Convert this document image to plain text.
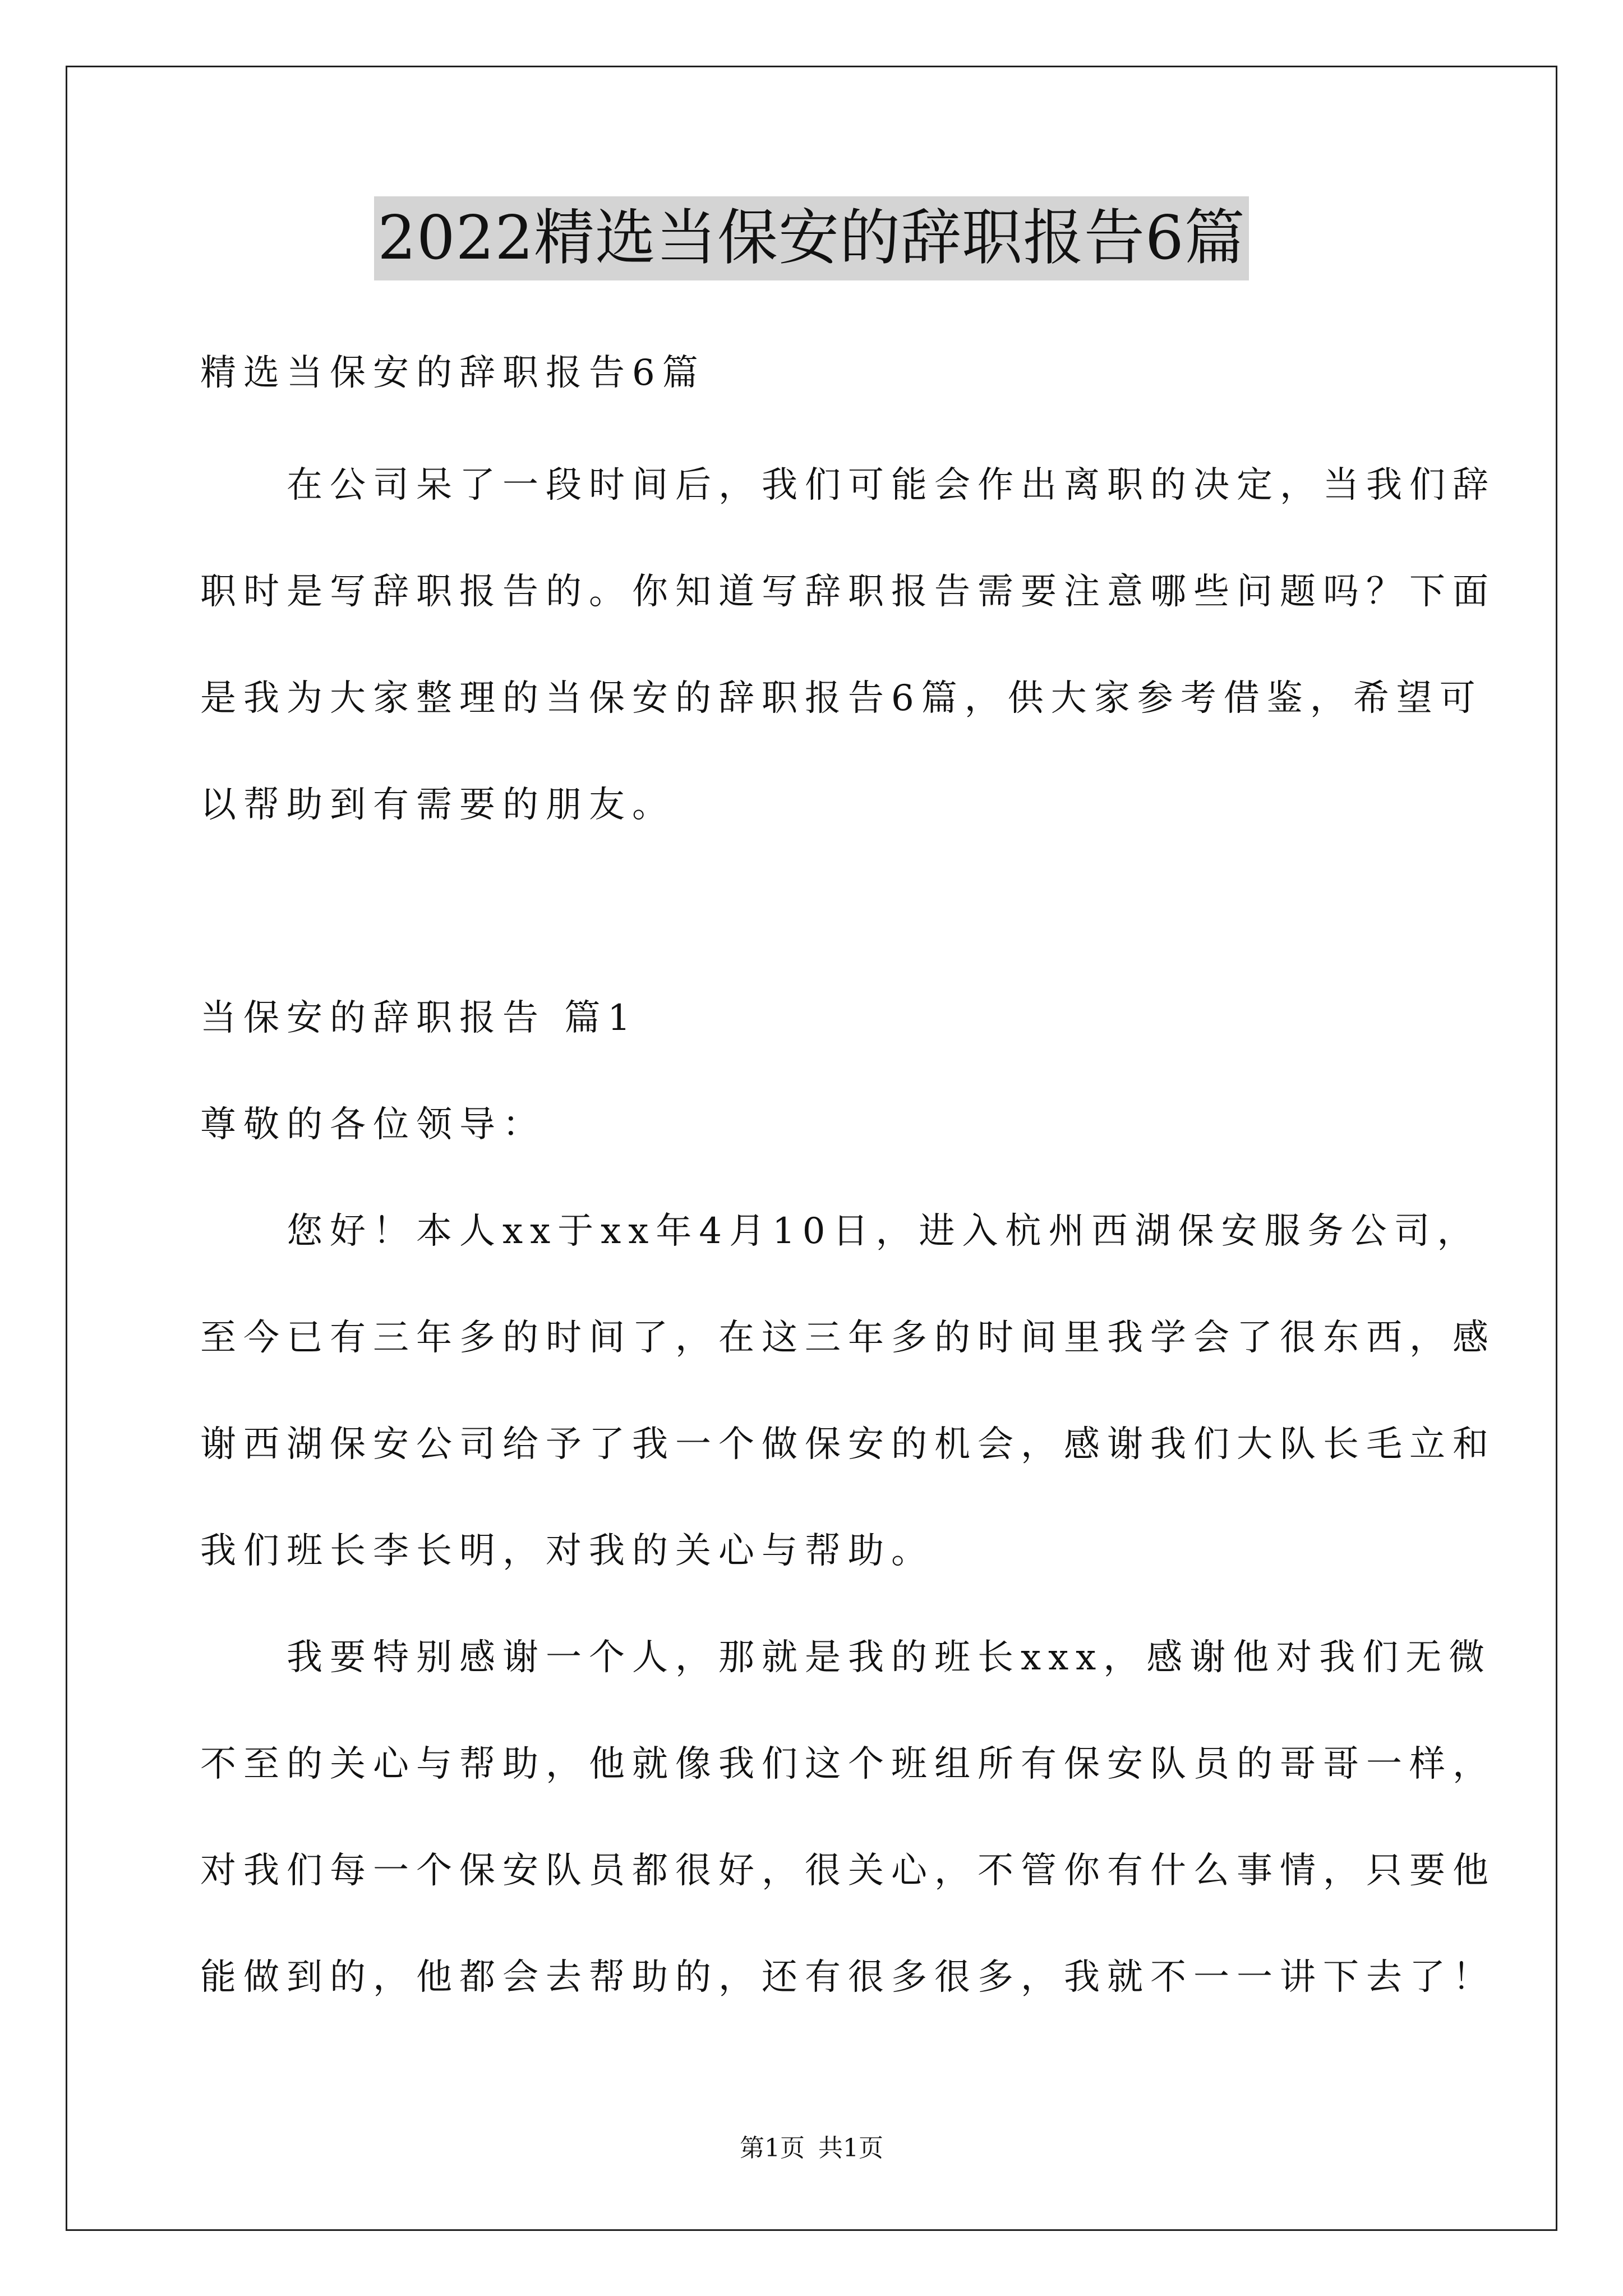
2022精选当保安的辞职报告6篇
精选当保安的辞职报告6篇
　　在公司呆了一段时间后，我们可能会作出离职的决定，当我们辞
职时是写辞职报告的。你知道写辞职报告需要注意哪些问题吗？下面
是我为大家整理的当保安的辞职报告6篇，供大家参考借鉴，希望可
以帮助到有需要的朋友。
当保安的辞职报告 篇1
尊敬的各位领导：
　　您好！本人xx于xx年4月10日，进入杭州西湖保安服务公司，
至今已有三年多的时间了，在这三年多的时间里我学会了很东西，感
谢西湖保安公司给予了我一个做保安的机会，感谢我们大队长毛立和
我们班长李长明，对我的关心与帮助。
　　我要特别感谢一个人，那就是我的班长xxx，感谢他对我们无微
不至的关心与帮助，他就像我们这个班组所有保安队员的哥哥一样，
对我们每一个保安队员都很好，很关心，不管你有什么事情，只要他
能做到的，他都会去帮助的，还有很多很多，我就不一一讲下去了！
第1页 共1页
